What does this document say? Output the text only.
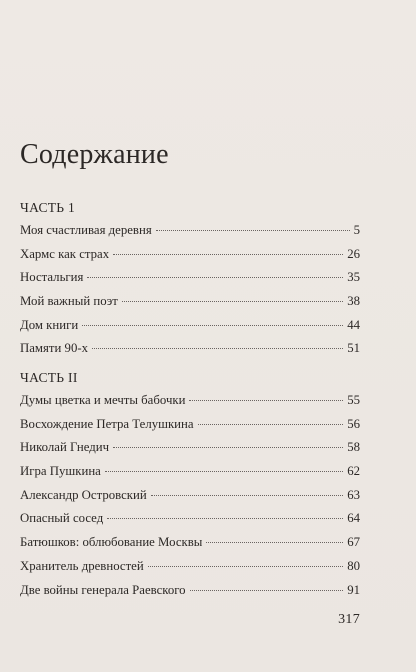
Содержание
ЧАСТЬ 1
Моя счастливая деревня	5
Хармс как страх	26
Ностальгия	35
Мой важный поэт	38
Дом книги	44
Памяти 90-х	51
ЧАСТЬ II
Думы цветка и мечты бабочки	55
Восхождение Петра Телушкина	56
Николай Гнедич	58
Игра Пушкина	62
Александр Островский	63
Опасный сосед	64
Батюшков: облюбование Москвы	67
Хранитель древностей	80
Две войны генерала Раевского	91
317
